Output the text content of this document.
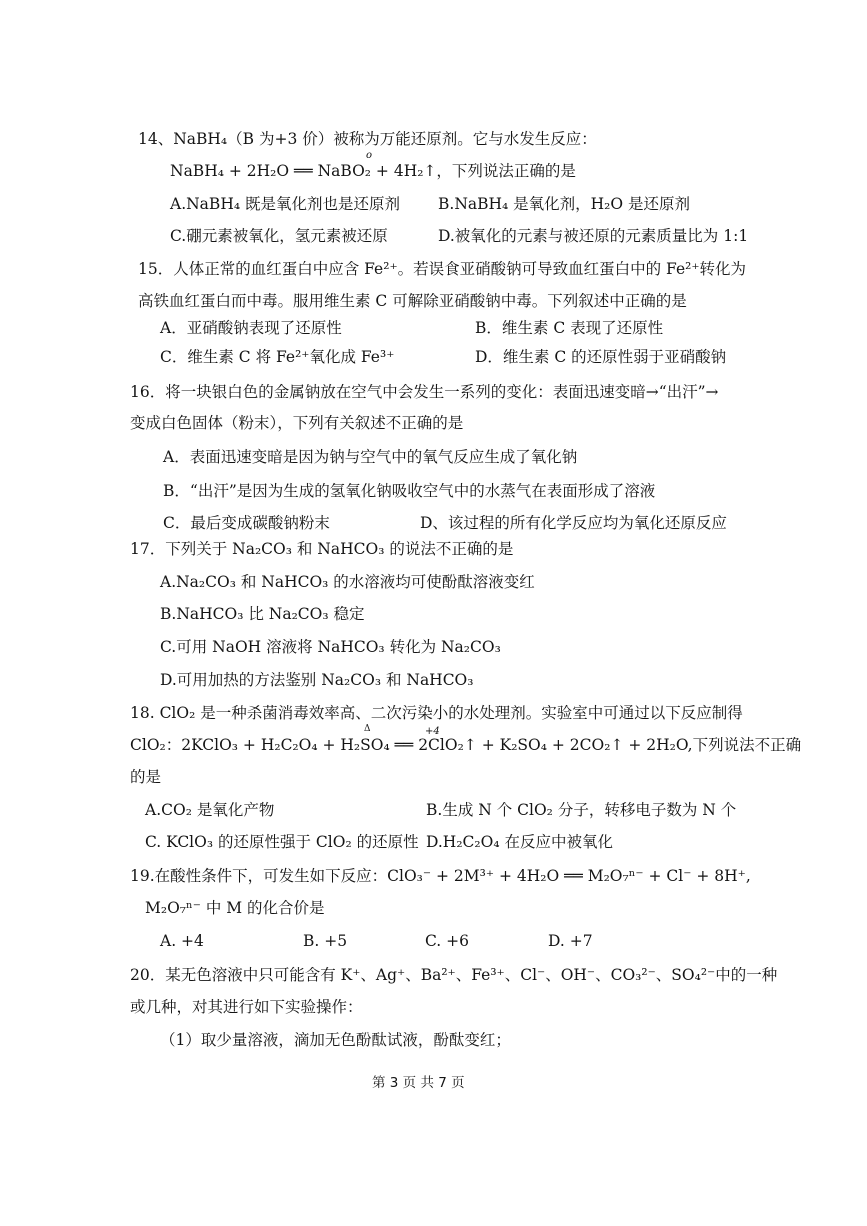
14、NaBH₄（B 为+3 价）被称为万能还原剂。它与水发生反应：
NaBH₄ + 2H₂O ══ NaBO₂ + 4H₂↑，下列说法正确的是
o
A.NaBH₄ 既是氧化剂也是还原剂 B.NaBH₄ 是氧化剂，H₂O 是还原剂
C.硼元素被氧化，氢元素被还原	D.被氧化的元素与被还原的元素质量比为 1:1
15．人体正常的血红蛋白中应含 Fe²⁺。若误食亚硝酸钠可导致血红蛋白中的 Fe²⁺转化为
高铁血红蛋白而中毒。服用维生素 C 可解除亚硝酸钠中毒。下列叙述中正确的是
A．亚硝酸钠表现了还原性	B．维生素 C 表现了还原性
C．维生素 C 将 Fe²⁺氧化成 Fe³⁺	D．维生素 C 的还原性弱于亚硝酸钠
16．将一块银白色的金属钠放在空气中会发生一系列的变化：表面迅速变暗→“出汗”→
变成白色固体（粉末），下列有关叙述不正确的是
A．表面迅速变暗是因为钠与空气中的氧气反应生成了氧化钠
B．“出汗”是因为生成的氢氧化钠吸收空气中的水蒸气在表面形成了溶液
C．最后变成碳酸钠粉末	D、该过程的所有化学反应均为氧化还原反应
17．下列关于 Na₂CO₃ 和 NaHCO₃ 的说法不正确的是
A.Na₂CO₃ 和 NaHCO₃ 的水溶液均可使酚酞溶液变红
B.NaHCO₃ 比 Na₂CO₃ 稳定
C.可用 NaOH 溶液将 NaHCO₃ 转化为 Na₂CO₃
D.可用加热的方法鉴别 Na₂CO₃ 和 NaHCO₃
18. ClO₂ 是一种杀菌消毒效率高、二次污染小的水处理剂。实验室中可通过以下反应制得
Δ	+4
ClO₂：2KClO₃ + H₂C₂O₄ + H₂SO₄ ══ 2ClO₂↑ + K₂SO₄ + 2CO₂↑ + 2H₂O,下列说法不正确
的是
A.CO₂ 是氧化产物	B.生成 N 个 ClO₂ 分子，转移电子数为 N 个
C. KClO₃ 的还原性强于 ClO₂ 的还原性 D.H₂C₂O₄ 在反应中被氧化
19.在酸性条件下，可发生如下反应：ClO₃⁻ + 2M³⁺ + 4H₂O ══ M₂O₇ⁿ⁻ + Cl⁻ + 8H⁺,
M₂O₇ⁿ⁻ 中 M 的化合价是
A. +4	B. +5	C. +6	D. +7
20．某无色溶液中只可能含有 K⁺、Ag⁺、Ba²⁺、Fe³⁺、Cl⁻、OH⁻、CO₃²⁻、SO₄²⁻中的一种
或几种，对其进行如下实验操作：
（1）取少量溶液，滴加无色酚酞试液，酚酞变红；
第 3 页 共 7 页
